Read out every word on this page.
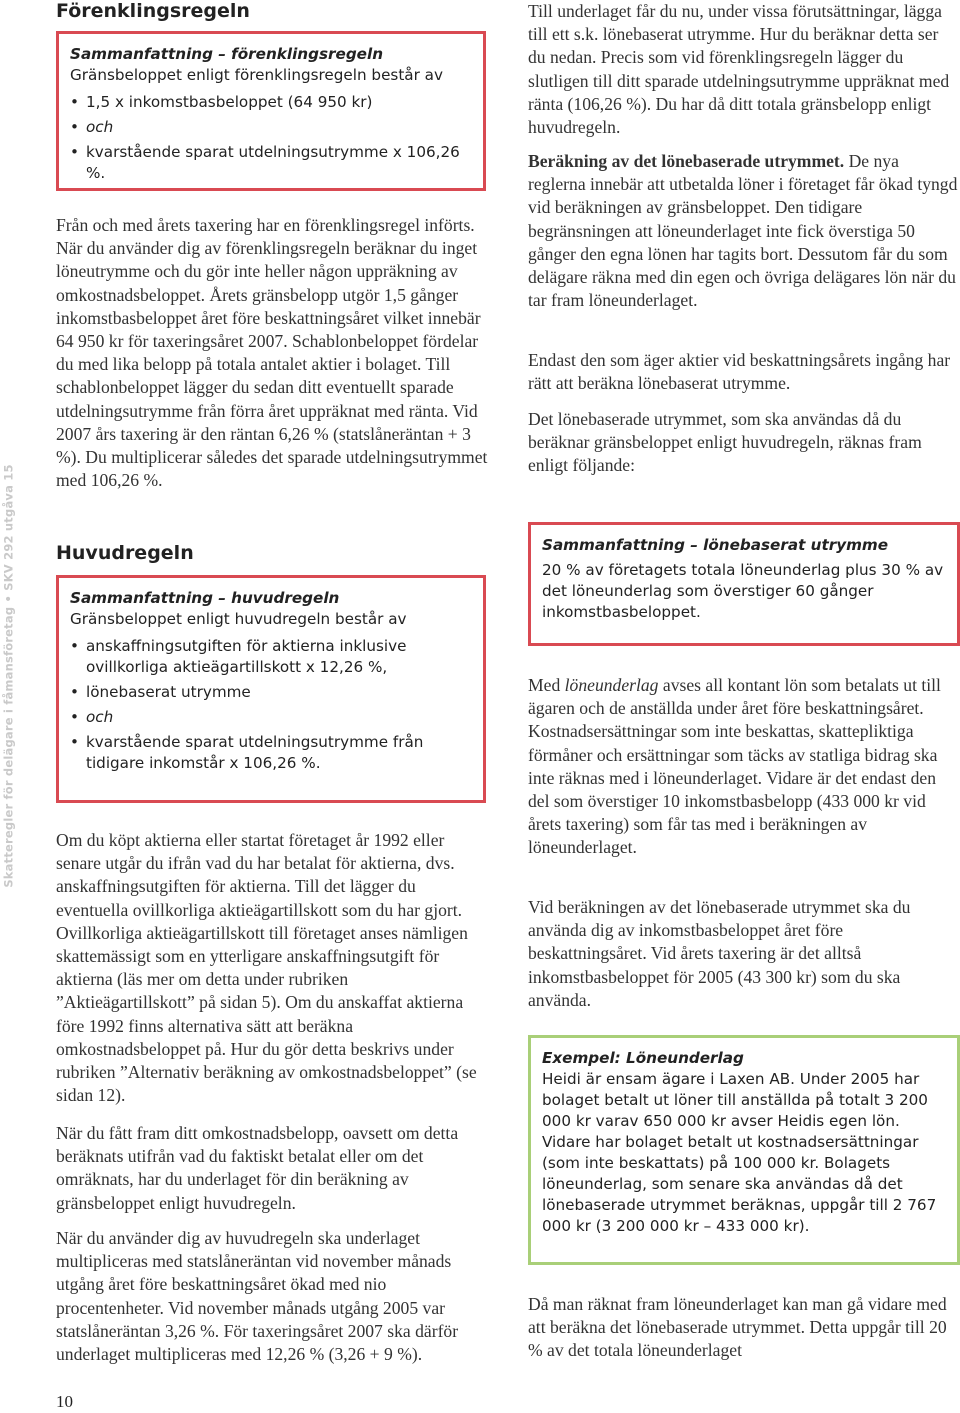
Skatteregler för delägare i fåmansföretag • SKV 292 utgåva 15
Förenklingsregeln

Sammanfattning – förenklingsregeln

Gränsbeloppet enligt förenklingsregeln består av

• 1,5 x inkomstbasbeloppet (64 950 kr)
• och
• kvarstående sparat utdelningsutrymme x 106,26 %.

Från och med årets taxering har en förenklingsregel införts. När du använder dig av förenklingsregeln beräknar du inget löneutrymme och du gör inte heller någon uppräkning av omkostnadsbeloppet. Årets gränsbelopp utgör 1,5 gånger inkomstbasbeloppet året före beskattningsåret vilket innebär 64 950 kr för taxeringsåret 2007. Schablonbeloppet fördelar du med lika belopp på totala antalet aktier i bolaget. Till schablonbeloppet lägger du sedan ditt eventuellt sparade utdelningsutrymme från förra året uppräknat med ränta. Vid 2007 års taxering är den räntan 6,26 % (statslåneräntan + 3 %). Du multiplicerar således det sparade utdelningsutrymmet med 106,26 %.

Huvudregeln

Sammanfattning – huvudregeln

Gränsbeloppet enligt huvudregeln består av

• anskaffningsutgiften för aktierna inklusive ovillkorliga aktieägartillskott x 12,26 %,
• lönebaserat utrymme
• och
• kvarstående sparat utdelningsutrymme från tidigare inkomstår x 106,26 %.

Om du köpt aktierna eller startat företaget år 1992 eller senare utgår du ifrån vad du har betalat för aktierna, dvs. anskaffningsutgiften för aktierna. Till det lägger du eventuella ovillkorliga aktieägartillskott som du har gjort. Ovillkorliga aktieägartillskott till företaget anses nämligen skattemässigt som en ytterligare anskaffningsutgift för aktierna (läs mer om detta under rubriken ”Aktieägartillskott” på sidan 5). Om du anskaffat aktierna före 1992 finns alternativa sätt att beräkna omkostnadsbeloppet på. Hur du gör detta beskrivs under rubriken ”Alternativ beräkning av omkostnadsbeloppet” (se sidan 12).

När du fått fram ditt omkostnadsbelopp, oavsett om detta beräknats utifrån vad du faktiskt betalat eller om det omräknats, har du underlaget för din beräkning av gränsbeloppet enligt huvudregeln.

När du använder dig av huvudregeln ska underlaget multipliceras med statslåneräntan vid november månads utgång året före beskattningsåret ökad med nio procentenheter. Vid november månads utgång 2005 var statslåneräntan 3,26 %. För taxeringsåret 2007 ska därför underlaget multipliceras med 12,26 % (3,26 + 9 %).

Till underlaget får du nu, under vissa förutsättningar, lägga till ett s.k. lönebaserat utrymme. Hur du beräknar detta ser du nedan. Precis som vid förenklingsregeln lägger du slutligen till ditt sparade utdelningsutrymme uppräknat med ränta (106,26 %). Du har då ditt totala gränsbelopp enligt huvudregeln.

Beräkning av det lönebaserade utrymmet. De nya reglerna innebär att utbetalda löner i företaget får ökad tyngd vid beräkningen av gränsbeloppet. Den tidigare begränsningen att löneunderlaget inte fick överstiga 50 gånger den egna lönen har tagits bort. Dessutom får du som delägare räkna med din egen och övriga delägares lön när du tar fram löneunderlaget.

Endast den som äger aktier vid beskattningsårets ingång har rätt att beräkna lönebaserat utrymme.

Det lönebaserade utrymmet, som ska användas då du beräknar gränsbeloppet enligt huvudregeln, räknas fram enligt följande:

Sammanfattning – lönebaserat utrymme

20 % av företagets totala löneunderlag plus 30 % av det löneunderlag som överstiger 60 gånger inkomstbasbeloppet.

Med löneunderlag avses all kontant lön som betalats ut till ägaren och de anställda under året före beskattningsåret. Kostnadsersättningar som inte beskattas, skattepliktiga förmåner och ersättningar som täcks av statliga bidrag ska inte räknas med i löneunderlaget. Vidare är det endast den del som överstiger 10 inkomstbasbelopp (433 000 kr vid årets taxering) som får tas med i beräkningen av löneunderlaget.

Vid beräkningen av det lönebaserade utrymmet ska du använda dig av inkomstbasbeloppet året före beskattningsåret. Vid årets taxering är det alltså inkomstbasbeloppet för 2005 (43 300 kr) som du ska använda.

Exempel: Löneunderlag

Heidi är ensam ägare i Laxen AB. Under 2005 har bolaget betalt ut löner till anställda på totalt 3 200 000 kr varav 650 000 kr avser Heidis egen lön. Vidare har bolaget betalt ut kostnadsersättningar (som inte beskattats) på 100 000 kr. Bolagets löneunderlag, som senare ska användas då det lönebaserade utrymmet beräknas, uppgår till 2 767 000 kr (3 200 000 kr – 433 000 kr).

Då man räknat fram löneunderlaget kan man gå vidare med att beräkna det lönebaserade utrymmet. Detta uppgår till 20 % av det totala löneunderlaget

10
